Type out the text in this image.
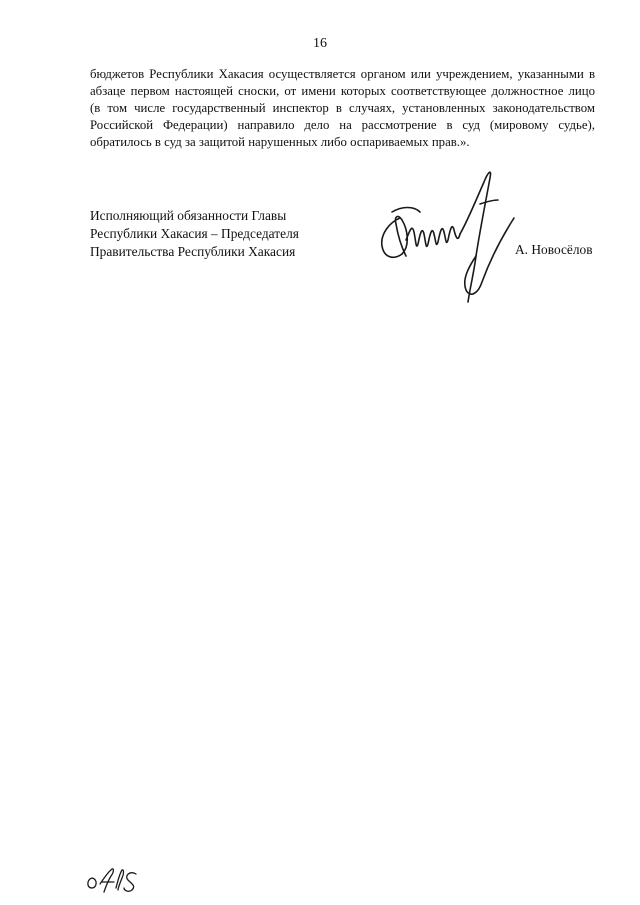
16

бюджетов Республики Хакасия осуществляется органом или учреждением, указанными в
абзаце первом настоящей сноски, от имени которых соответствующее должностное лицо
(в том числе государственный инспектор в случаях, установленных законодательством
Российской Федерации) направило дело на рассмотрение в суд (мировому судье),
обратилось в суд за защитой нарушенных либо оспариваемых прав.».

Исполняющий обязанности Главы
Республики Хакасия – Председателя
Правительства Республики Хакасия	А. Новосёлов
